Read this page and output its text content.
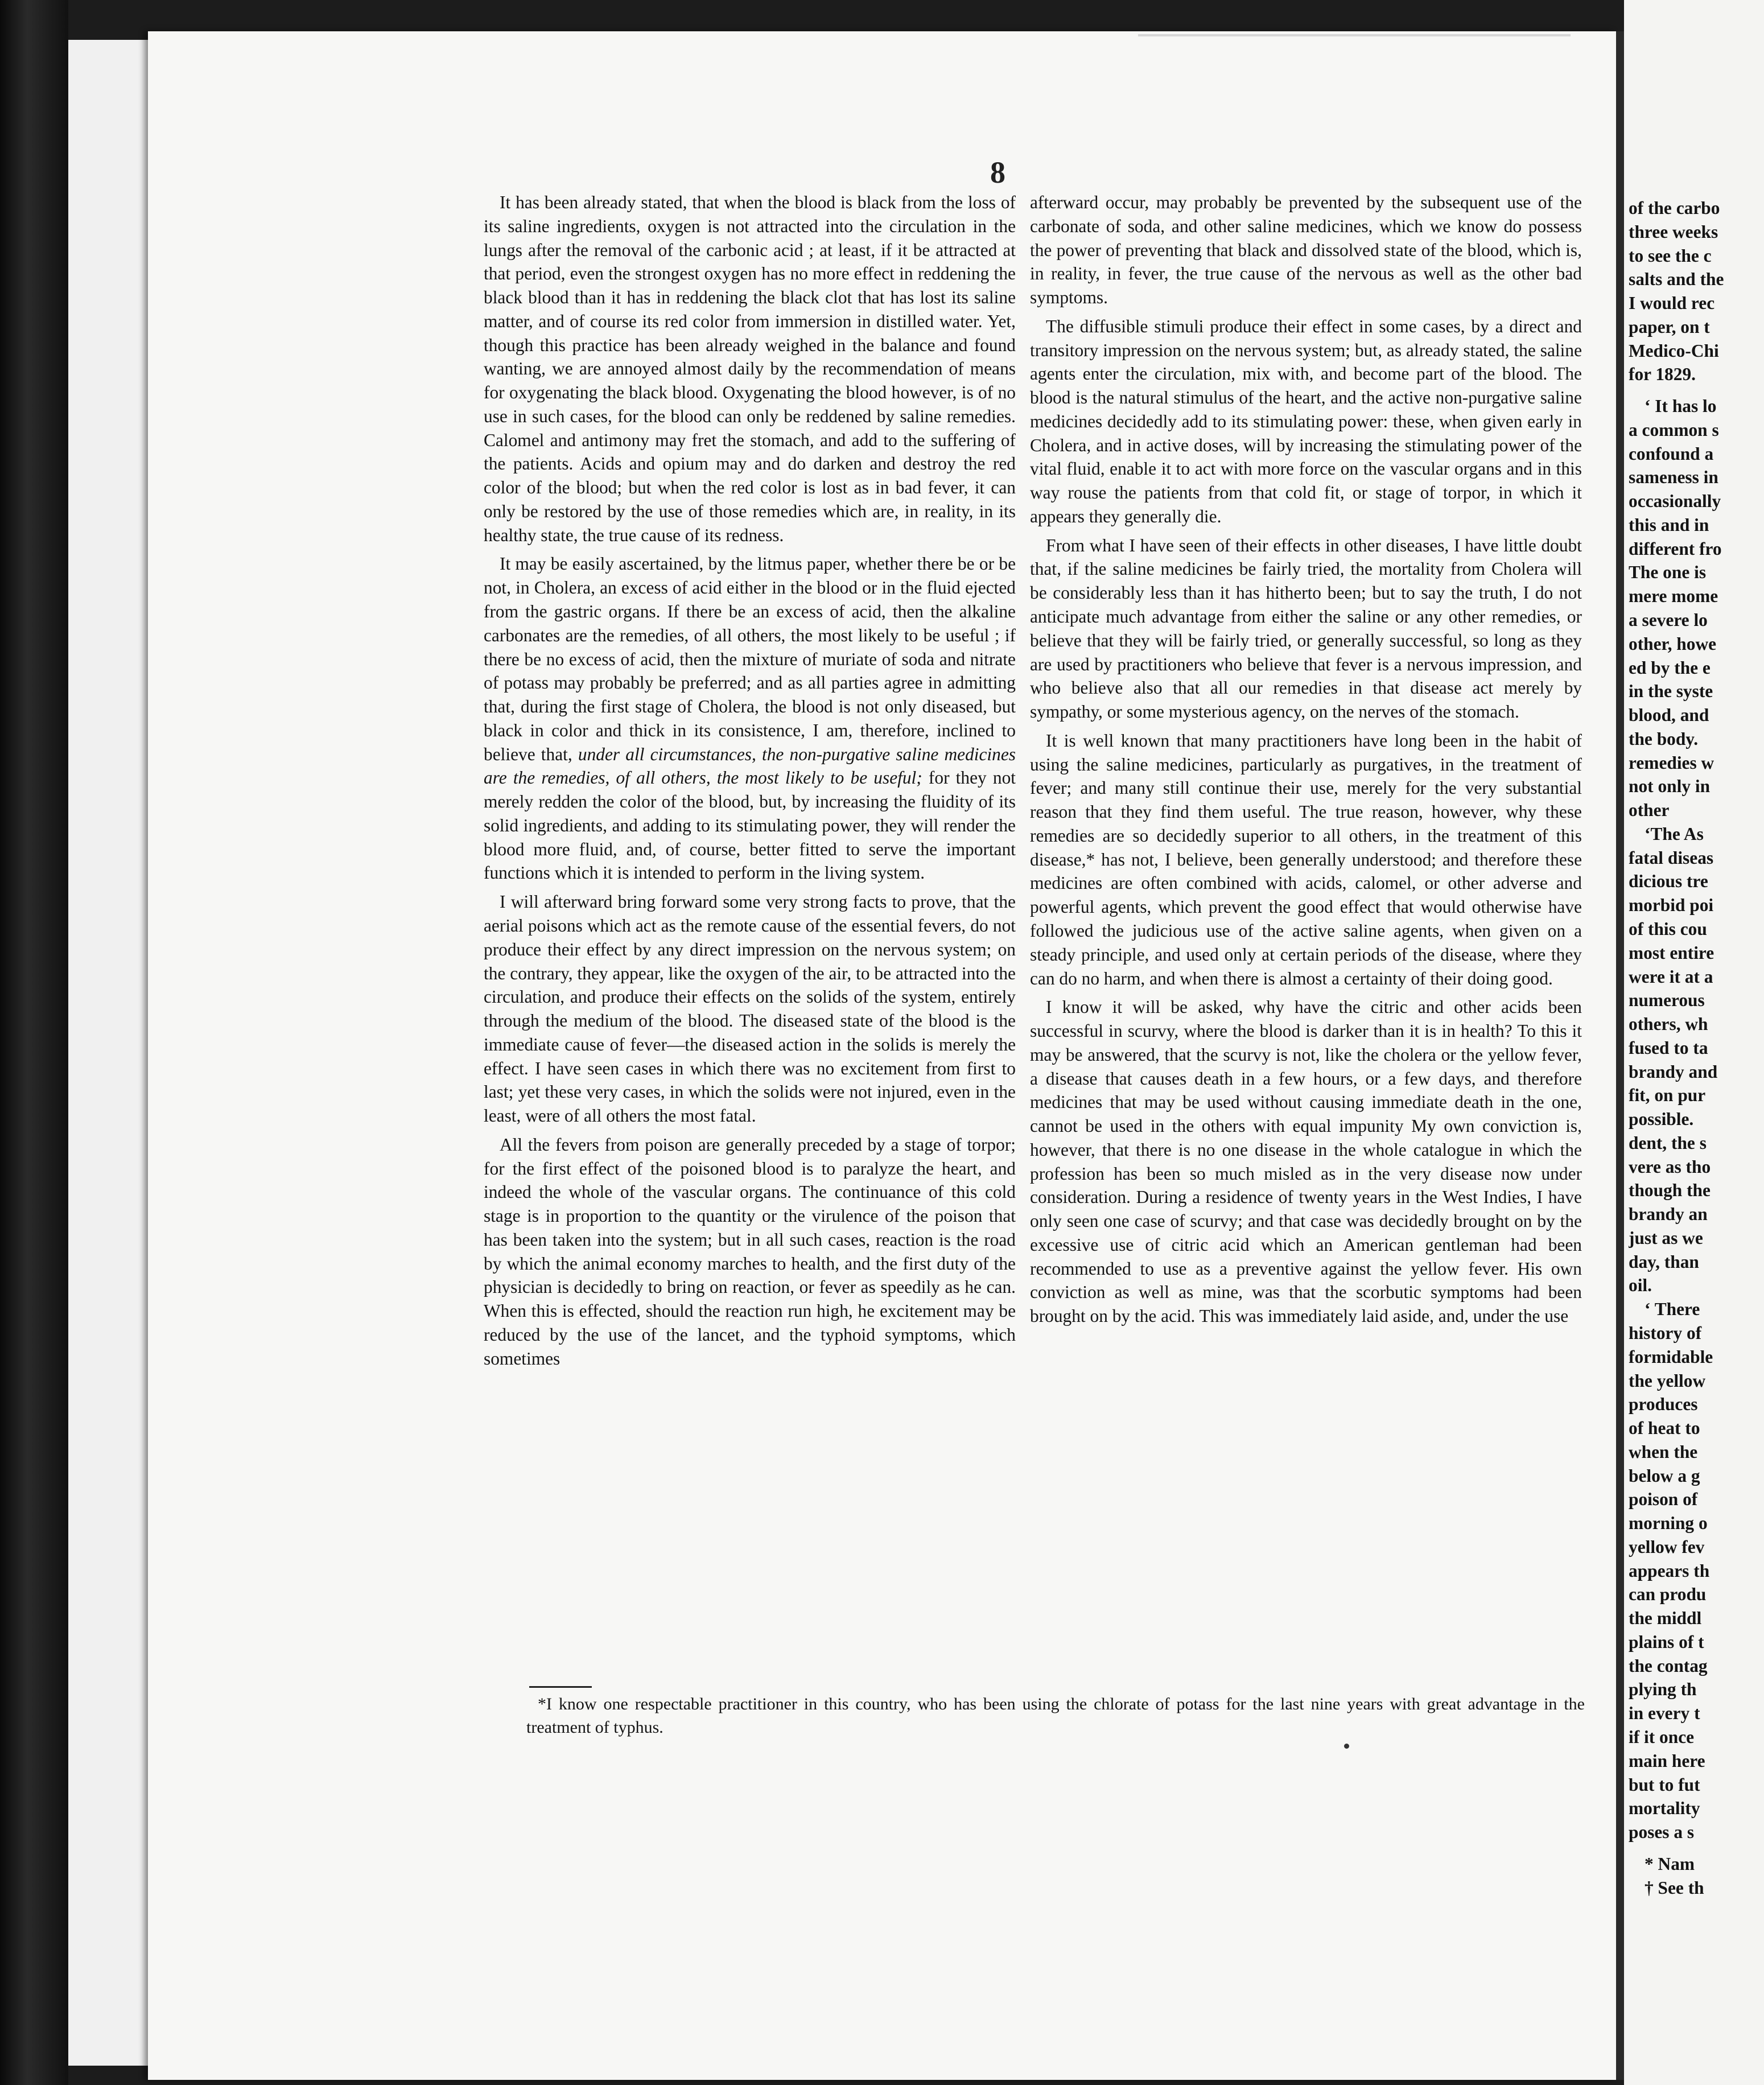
8

It has been already stated, that when the blood is black from the loss of its saline ingredients, oxygen is not attracted into the circulation in the lungs after the removal of the carbonic acid ; at least, if it be attracted at that period, even the strongest oxygen has no more effect in reddening the black blood than it has in reddening the black clot that has lost its saline matter, and of course its red color from immersion in distilled water. Yet, though this practice has been already weighed in the balance and found wanting, we are annoyed almost daily by the recommendation of means for oxygenating the black blood. Oxygenating the blood however, is of no use in such cases, for the blood can only be reddened by saline remedies. Calomel and antimony may fret the stomach, and add to the suffering of the patients. Acids and opium may and do darken and destroy the red color of the blood; but when the red color is lost as in bad fever, it can only be restored by the use of those remedies which are, in reality, in its healthy state, the true cause of its redness.

It may be easily ascertained, by the litmus paper, whether there be or be not, in Cholera, an excess of acid either in the blood or in the fluid ejected from the gastric organs. If there be an excess of acid, then the alkaline carbonates are the remedies, of all others, the most likely to be useful ; if there be no excess of acid, then the mixture of muriate of soda and nitrate of potass may probably be preferred; and as all parties agree in admitting that, during the first stage of Cholera, the blood is not only diseased, but black in color and thick in its consistence, I am, therefore, inclined to believe that, under all circumstances, the non-purgative saline medicines are the remedies, of all others, the most likely to be useful; for they not merely redden the color of the blood, but, by increasing the fluidity of its solid ingredients, and adding to its stimulating power, they will render the blood more fluid, and, of course, better fitted to serve the important functions which it is intended to perform in the living system.

I will afterward bring forward some very strong facts to prove, that the aerial poisons which act as the remote cause of the essential fevers, do not produce their effect by any direct impression on the nervous system; on the contrary, they appear, like the oxygen of the air, to be attracted into the circulation, and produce their effects on the solids of the system, entirely through the medium of the blood. The diseased state of the blood is the immediate cause of fever—the diseased action in the solids is merely the effect. I have seen cases in which there was no excitement from first to last; yet these very cases, in which the solids were not injured, even in the least, were of all others the most fatal.

All the fevers from poison are generally preceded by a stage of torpor; for the first effect of the poisoned blood is to paralyze the heart, and indeed the whole of the vascular organs. The continuance of this cold stage is in proportion to the quantity or the virulence of the poison that has been taken into the system; but in all such cases, reaction is the road by which the animal economy marches to health, and the first duty of the physician is decidedly to bring on reaction, or fever as speedily as he can. When this is effected, should the reaction run high, he excitement may be reduced by the use of the lancet, and the typhoid symptoms, which sometimes

afterward occur, may probably be prevented by the subsequent use of the carbonate of soda, and other saline medicines, which we know do possess the power of preventing that black and dissolved state of the blood, which is, in reality, in fever, the true cause of the nervous as well as the other bad symptoms.

The diffusible stimuli produce their effect in some cases, by a direct and transitory impression on the nervous system; but, as already stated, the saline agents enter the circulation, mix with, and become part of the blood. The blood is the natural stimulus of the heart, and the active non-purgative saline medicines decidedly add to its stimulating power: these, when given early in Cholera, and in active doses, will by increasing the stimulating power of the vital fluid, enable it to act with more force on the vascular organs and in this way rouse the patients from that cold fit, or stage of torpor, in which it appears they generally die.

From what I have seen of their effects in other diseases, I have little doubt that, if the saline medicines be fairly tried, the mortality from Cholera will be considerably less than it has hitherto been; but to say the truth, I do not anticipate much advantage from either the saline or any other remedies, or believe that they will be fairly tried, or generally successful, so long as they are used by practitioners who believe that fever is a nervous impression, and who believe also that all our remedies in that disease act merely by sympathy, or some mysterious agency, on the nerves of the stomach.

It is well known that many practitioners have long been in the habit of using the saline medicines, particularly as purgatives, in the treatment of fever; and many still continue their use, merely for the very substantial reason that they find them useful. The true reason, however, why these remedies are so decidedly superior to all others, in the treatment of this disease,* has not, I believe, been generally understood; and therefore these medicines are often combined with acids, calomel, or other adverse and powerful agents, which prevent the good effect that would otherwise have followed the judicious use of the active saline agents, when given on a steady principle, and used only at certain periods of the disease, where they can do no harm, and when there is almost a certainty of their doing good.

I know it will be asked, why have the citric and other acids been successful in scurvy, where the blood is darker than it is in health? To this it may be answered, that the scurvy is not, like the cholera or the yellow fever, a disease that causes death in a few hours, or a few days, and therefore medicines that may be used without causing immediate death in the one, cannot be used in the others with equal impunity My own conviction is, however, that there is no one disease in the whole catalogue in which the profession has been so much misled as in the very disease now under consideration. During a residence of twenty years in the West Indies, I have only seen one case of scurvy; and that case was decidedly brought on by the excessive use of citric acid which an American gentleman had been recommended to use as a preventive against the yellow fever. His own conviction as well as mine, was that the scorbutic symptoms had been brought on by the acid. This was immediately laid aside, and, under the use

*I know one respectable practitioner in this country, who has been using the chlorate of potass for the last nine years with great advantage in the treatment of typhus.

of the carbo
three weeks
to see the c
salts and the
I would rec
paper, on t
Medico-Chi
for 1829.
‘ It has lo
a common s
confound a
sameness in
occasionally
this and in
different fro
The one is
mere mome
a severe lo
other, howe
ed by the e
in the syste
blood, and
the body.
remedies w
not only in
other
‘The As
fatal diseas
dicious tre
morbid poi
of this cou
most entire
were it at a
numerous
others, wh
fused to ta
brandy and
fit, on pur
possible.
dent, the s
vere as tho
though the
brandy an
just as we
day, than
oil.
‘ There
history of
formidable
the yellow
produces
of heat to
when the
below a g
poison of
morning o
yellow fev
appears th
can produ
the middl
plains of t
the contag
plying th
in every t
if it once
main here
but to fut
mortality
poses a s
* Nam
† See th
